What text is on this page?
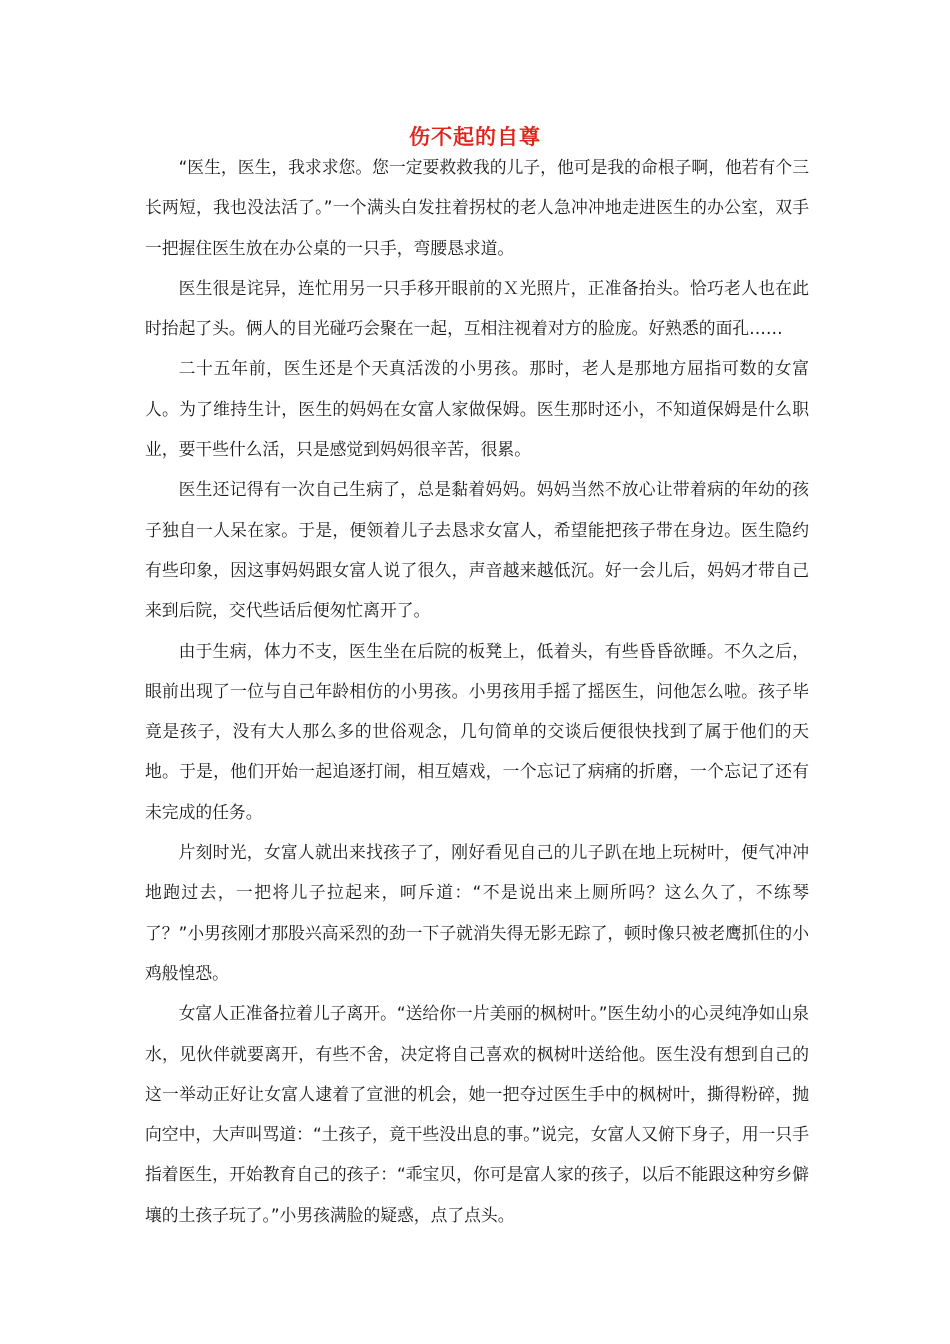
伤不起的自尊

“医生，医生，我求求您。您一定要救救我的儿子，他可是我的命根子啊，他若有个三长两短，我也没法活了。”一个满头白发拄着拐杖的老人急冲冲地走进医生的办公室，双手一把握住医生放在办公桌的一只手，弯腰恳求道。

医生很是诧异，连忙用另一只手移开眼前的Ｘ光照片，正准备抬头。恰巧老人也在此时抬起了头。俩人的目光碰巧会聚在一起，互相注视着对方的脸庞。好熟悉的面孔……

二十五年前，医生还是个天真活泼的小男孩。那时，老人是那地方屈指可数的女富人。为了维持生计，医生的妈妈在女富人家做保姆。医生那时还小，不知道保姆是什么职业，要干些什么活，只是感觉到妈妈很辛苦，很累。

医生还记得有一次自己生病了，总是黏着妈妈。妈妈当然不放心让带着病的年幼的孩子独自一人呆在家。于是，便领着儿子去恳求女富人，希望能把孩子带在身边。医生隐约有些印象，因这事妈妈跟女富人说了很久，声音越来越低沉。好一会儿后，妈妈才带自己来到后院，交代些话后便匆忙离开了。

由于生病，体力不支，医生坐在后院的板凳上，低着头，有些昏昏欲睡。不久之后，眼前出现了一位与自己年龄相仿的小男孩。小男孩用手摇了摇医生，问他怎么啦。孩子毕竟是孩子，没有大人那么多的世俗观念，几句简单的交谈后便很快找到了属于他们的天地。于是，他们开始一起追逐打闹，相互嬉戏，一个忘记了病痛的折磨，一个忘记了还有未完成的任务。

片刻时光，女富人就出来找孩子了，刚好看见自己的儿子趴在地上玩树叶，便气冲冲地跑过去，一把将儿子拉起来，呵斥道：“不是说出来上厕所吗？这么久了，不练琴了？”小男孩刚才那股兴高采烈的劲一下子就消失得无影无踪了，顿时像只被老鹰抓住的小鸡般惶恐。

女富人正准备拉着儿子离开。“送给你一片美丽的枫树叶。”医生幼小的心灵纯净如山泉水，见伙伴就要离开，有些不舍，决定将自己喜欢的枫树叶送给他。医生没有想到自己的这一举动正好让女富人逮着了宣泄的机会，她一把夺过医生手中的枫树叶，撕得粉碎，抛向空中，大声叫骂道：“土孩子，竟干些没出息的事。”说完，女富人又俯下身子，用一只手指着医生，开始教育自己的孩子：“乖宝贝，你可是富人家的孩子，以后不能跟这种穷乡僻壤的土孩子玩了。”小男孩满脸的疑惑，点了点头。
